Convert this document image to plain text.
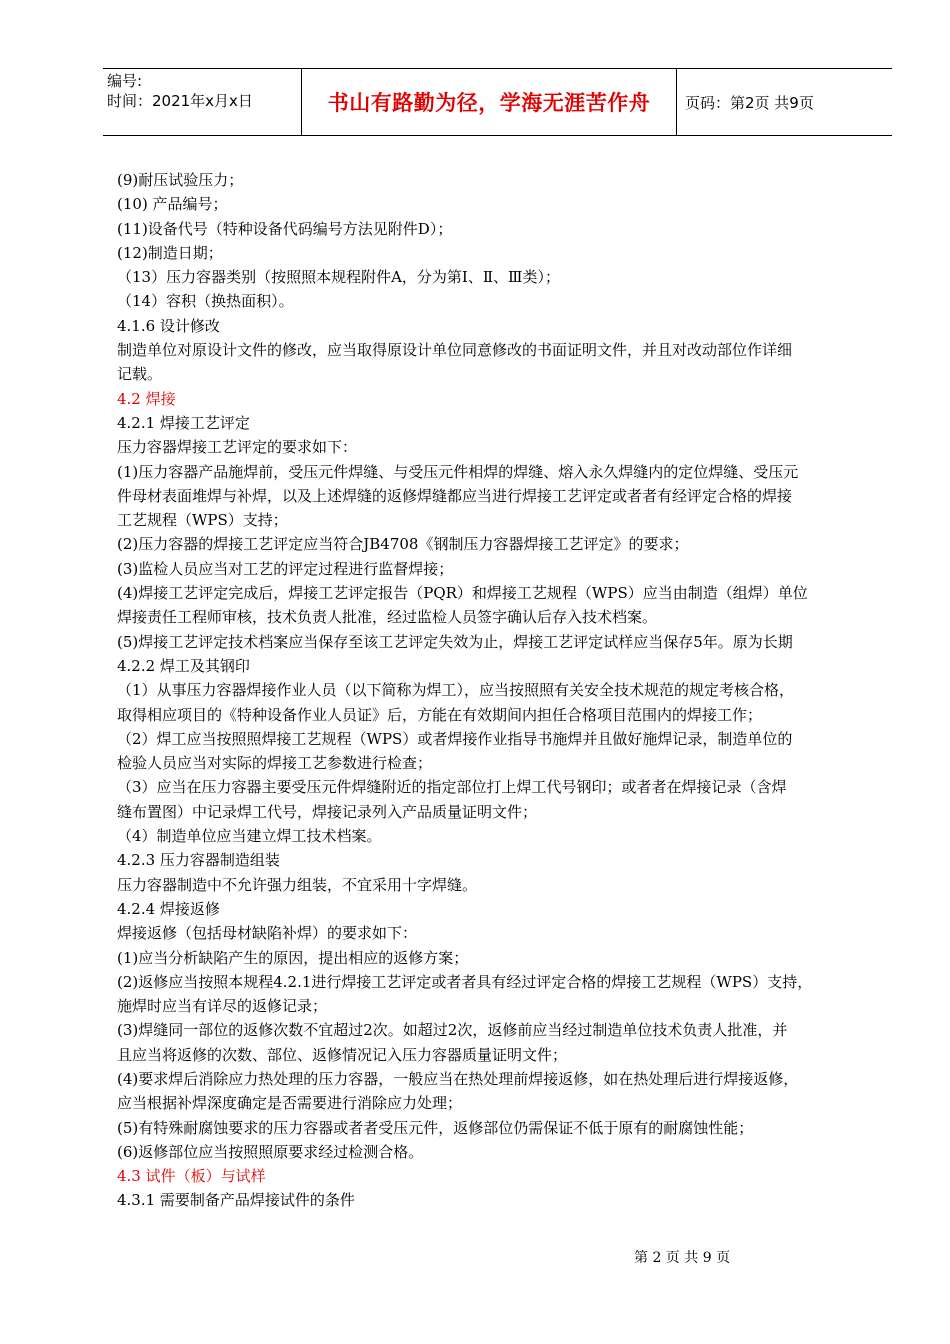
编号:
时间：2021年x月x日	书山有路勤为径，学海无涯苦作舟 页码：第2页 共9页
(9)耐压试验压力；
(10) 产品编号；
(11)设备代号（特种设备代码编号方法见附件D）；
(12)制造日期；
（13）压力容器类别（按照照本规程附件A，分为第Ⅰ、Ⅱ、Ⅲ类）；
（14）容积（换热面积）。
4.1.6 设计修改
制造单位对原设计文件的修改，应当取得原设计单位同意修改的书面证明文件，并且对改动部位作详细
记载。
4.2 焊接
4.2.1 焊接工艺评定
压力容器焊接工艺评定的要求如下：
(1)压力容器产品施焊前，受压元件焊缝、与受压元件相焊的焊缝、熔入永久焊缝内的定位焊缝、受压元
件母材表面堆焊与补焊，以及上述焊缝的返修焊缝都应当进行焊接工艺评定或者者有经评定合格的焊接
工艺规程（WPS）支持；
(2)压力容器的焊接工艺评定应当符合JB4708《钢制压力容器焊接工艺评定》的要求；
(3)监检人员应当对工艺的评定过程进行监督焊接；
(4)焊接工艺评定完成后，焊接工艺评定报告（PQR）和焊接工艺规程（WPS）应当由制造（组焊）单位
焊接责任工程师审核，技术负责人批准，经过监检人员签字确认后存入技术档案。
(5)焊接工艺评定技术档案应当保存至该工艺评定失效为止，焊接工艺评定试样应当保存5年。原为长期
4.2.2 焊工及其钢印
（1）从事压力容器焊接作业人员（以下简称为焊工），应当按照照有关安全技术规范的规定考核合格，
取得相应项目的《特种设备作业人员证》后，方能在有效期间内担任合格项目范围内的焊接工作；
（2）焊工应当按照照焊接工艺规程（WPS）或者焊接作业指导书施焊并且做好施焊记录，制造单位的
检验人员应当对实际的焊接工艺参数进行检查；
（3）应当在压力容器主要受压元件焊缝附近的指定部位打上焊工代号钢印；或者者在焊接记录（含焊
缝布置图）中记录焊工代号，焊接记录列入产品质量证明文件；
（4）制造单位应当建立焊工技术档案。
4.2.3 压力容器制造组装
压力容器制造中不允许强力组装，不宜采用十字焊缝。
4.2.4 焊接返修
焊接返修（包括母材缺陷补焊）的要求如下：
(1)应当分析缺陷产生的原因，提出相应的返修方案；
(2)返修应当按照本规程4.2.1进行焊接工艺评定或者者具有经过评定合格的焊接工艺规程（WPS）支持，
施焊时应当有详尽的返修记录；
(3)焊缝同一部位的返修次数不宜超过2次。如超过2次，返修前应当经过制造单位技术负责人批准，并
且应当将返修的次数、部位、返修情况记入压力容器质量证明文件；
(4)要求焊后消除应力热处理的压力容器，一般应当在热处理前焊接返修，如在热处理后进行焊接返修，
应当根据补焊深度确定是否需要进行消除应力处理；
(5)有特殊耐腐蚀要求的压力容器或者者受压元件，返修部位仍需保证不低于原有的耐腐蚀性能；
(6)返修部位应当按照照原要求经过检测合格。
4.3 试件（板）与试样
4.3.1 需要制备产品焊接试件的条件
第 2 页 共 9 页
